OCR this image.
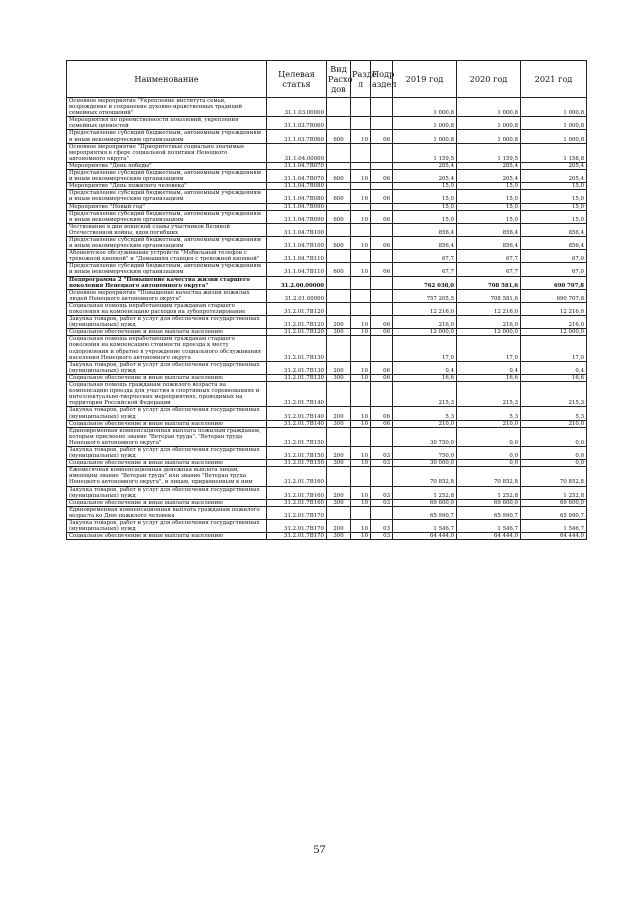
Наименование	Целевая статья	Вид Расхо дов	Разде л	Подр аздел	2019 год	2020 год	2021 год
Основное мероприятие "Укрепление института семьи, возрождение и сохранение духовно-нравственных традиций семейных отношений"	31.1.03.00000				1 000,8	1 000,8	1 000,8
Мероприятия по преемственности поколений, укрепления семейных ценностей	31.1.03.7В060				1 000,8	1 000,8	1 000,8
Предоставление субсидий бюджетным, автономным учреждениям и иным некоммерческим организациям	31.1.03.7В060	600	10	06	1 000,8	1 000,8	1 000,8
Основное мероприятие "Приоритетные социально значимые мероприятия в сфере социальной политики Ненецкого автономного округа"	31.1.04.00000				1 159,5	1 159,5	1 158,8
Мероприятие "День победы"	31.1.04.7В070				205,4	205,4	205,4
Предоставление субсидий бюджетным, автономным учреждениям и иным некоммерческим организациям	31.1.04.7В070	600	10	06	205,4	205,4	205,4
Мероприятие "День пожилого человека"	31.1.04.7В080				15,0	15,0	15,0
Предоставление субсидий бюджетным, автономным учреждениям и иным некоммерческим организациям	31.1.04.7В080	600	10	06	15,0	15,0	15,0
Мероприятие "Новый год"	31.1.04.7В090				15,0	15,0	15,0
Предоставление субсидий бюджетным, автономным учреждениям и иным некоммерческим организациям	31.1.04.7В090	600	10	06	15,0	15,0	15,0
Чествование в дни воинской славы участников Великой Отечественной войны, вдов погибших	31.1.04.7В100				856,4	856,4	856,4
Предоставление субсидий бюджетным, автономным учреждениям и иным некоммерческим организациям	31.1.04.7В100	600	10	06	856,4	856,4	856,4
Абонентское обслуживание устройств "Мобильный телефон с тревожной кнопкой" и "Домашняя станция с тревожной кнопкой"	31.1.04.7В110				67,7	67,7	67,0
Предоставление субсидий бюджетным, автономным учреждениям и иным некоммерческим организациям	31.1.04.7В110	600	10	06	67,7	67,7	67,0
Подпрограмма 2 "Повышение качества жизни старшего поколения Ненецкого автономного округа"	31.2.00.00000				762 038,0	708 581,6	690 707,8
Основное мероприятие "Повышение качества жизни пожилых людей Ненецкого автономного округа"	31.2.01.00000				757 205,5	708 581,6	690 707,8
Социальная помощь неработающим гражданам старшего поколения на компенсацию расходов на зубопротезирование	31.2.01.7В120				12 216,0	12 216,0	12 216,0
Закупка товаров, работ и услуг для обеспечения государственных (муниципальных) нужд	31.2.01.7В120	200	10	06	216,0	216,0	216,0
Социальное обеспечение и иные выплаты населению	31.2.01.7В120	300	10	06	12 000,0	12 000,0	12 000,0
Социальная помощь неработающим гражданам старшего поколения на компенсацию стоимости проезда к месту оздоровления и обратно в учреждение социального обслуживания населения Ненецкого автономного округа	31.2.01.7В130				17,0	17,0	17,0
Закупка товаров, работ и услуг для обеспечения государственных (муниципальных) нужд	31.2.01.7В130	200	10	06	0,4	0,4	0,4
Социальное обеспечение и иные выплаты населению	31.2.01.7В130	300	10	06	16,6	16,6	16,6
Социальная помощь гражданам пожилого возраста на компенсацию проезда для участия в спортивных соревнованиях и интеллектуально-творческих мероприятиях, проводимых на территории Российской Федерации	31.2.01.7В140				215,3	215,3	215,3
Закупка товаров, работ и услуг для обеспечения государственных (муниципальных) нужд	31.2.01.7В140	200	10	06	5,3	5,3	5,3
Социальное обеспечение и иные выплаты населению	31.2.01.7В140	300	10	06	210,0	210,0	210,0
Единовременная компенсационная выплата пожилым гражданам, которым присвоено звание "Ветеран труда", "Ветеран труда Ненецкого автономного округа"	31.2.01.7В150				30 750,0	0,0	0,0
Закупка товаров, работ и услуг для обеспечения государственных (муниципальных) нужд	31.2.01.7В150	200	10	03	750,0	0,0	0,0
Социальное обеспечение и иные выплаты населению	31.2.01.7В150	300	10	03	30 000,0	0,0	0,0
Ежемесячная компенсационная денежная выплата лицам, имеющим звание "Ветеран труда" или звание "Ветеран труда Ненецкого автономного округа", и лицам, приравненным к ним	31.2.01.7В160				70 852,8	70 852,8	70 852,8
Закупка товаров, работ и услуг для обеспечения государственных (муниципальных) нужд	31.2.01.7В160	200	10	03	1 252,8	1 252,8	1 252,8
Социальное обеспечение и иные выплаты населению	31.2.01.7В160	300	10	03	69 600,0	69 600,0	69 600,0
Единовременная компенсационная выплата гражданам пожилого возраста ко Дню пожилого человека	31.2.01.7В170				65 990,7	65 990,7	65 990,7
Закупка товаров, работ и услуг для обеспечения государственных (муниципальных) нужд	31.2.01.7В170	200	10	03	1 546,7	1 546,7	1 546,7
Социальное обеспечение и иные выплаты населению	31.2.01.7В170	300	10	03	64 444,0	64 444,0	64 444,0
57
